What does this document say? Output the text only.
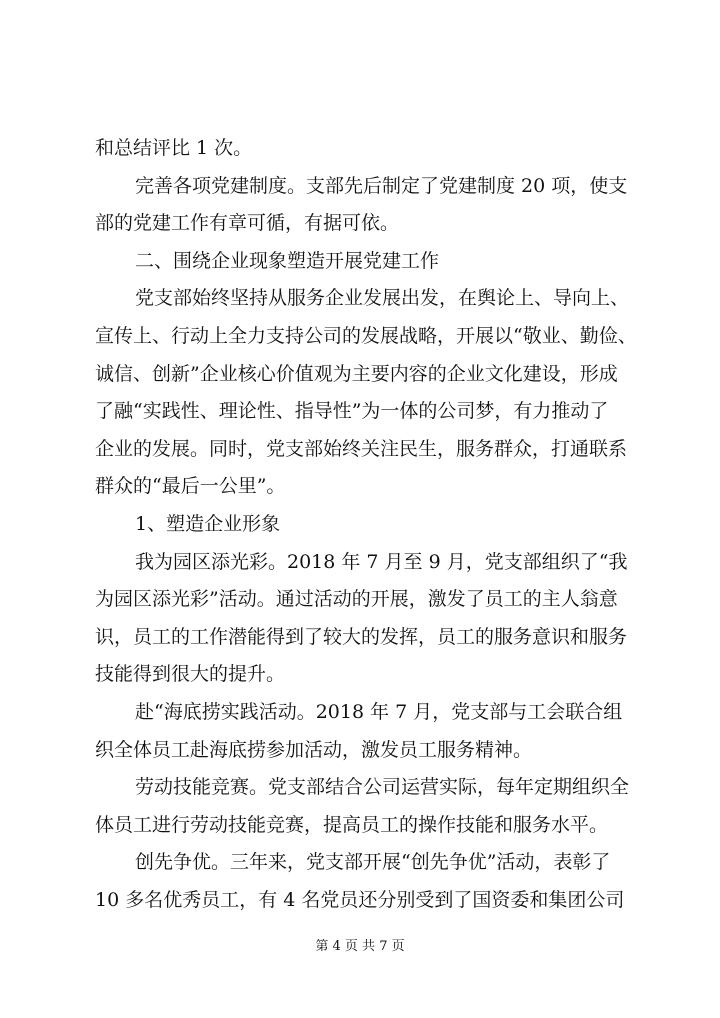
和总结评比 1 次。
完善各项党建制度。支部先后制定了党建制度 20 项，使支
部的党建工作有章可循，有据可依。
二、围绕企业现象塑造开展党建工作
党支部始终坚持从服务企业发展出发，在舆论上、导向上、
宣传上、行动上全力支持公司的发展战略，开展以“敬业、勤俭、
诚信、创新”企业核心价值观为主要内容的企业文化建设，形成
了融“实践性、理论性、指导性”为一体的公司梦，有力推动了
企业的发展。同时，党支部始终关注民生，服务群众，打通联系
群众的“最后一公里”。
1、塑造企业形象
我为园区添光彩。2018 年 7 月至 9 月，党支部组织了“我
为园区添光彩”活动。通过活动的开展，激发了员工的主人翁意
识，员工的工作潜能得到了较大的发挥，员工的服务意识和服务
技能得到很大的提升。
赴“海底捞实践活动。2018 年 7 月，党支部与工会联合组
织全体员工赴海底捞参加活动，激发员工服务精神。
劳动技能竞赛。党支部结合公司运营实际，每年定期组织全
体员工进行劳动技能竞赛，提高员工的操作技能和服务水平。
创先争优。三年来，党支部开展“创先争优”活动，表彰了
10 多名优秀员工，有 4 名党员还分别受到了国资委和集团公司
第 4 页 共 7 页
